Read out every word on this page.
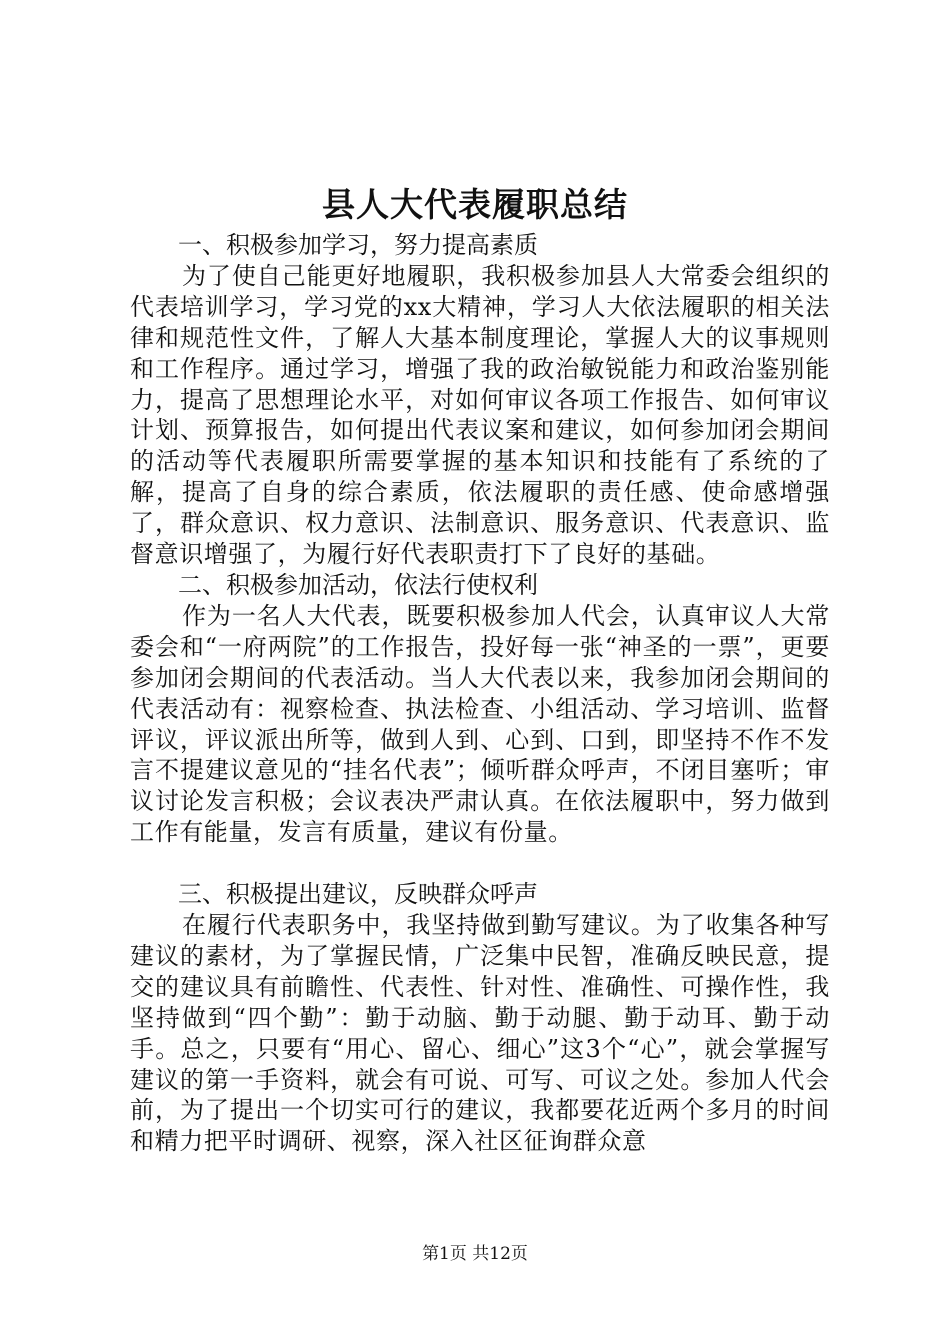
县人大代表履职总结

一、积极参加学习，努力提高素质

为了使自己能更好地履职，我积极参加县人大常委会组织的代表培训学习，学习党的xx大精神，学习人大依法履职的相关法律和规范性文件，了解人大基本制度理论，掌握人大的议事规则和工作程序。通过学习，增强了我的政治敏锐能力和政治鉴别能力，提高了思想理论水平，对如何审议各项工作报告、如何审议计划、预算报告，如何提出代表议案和建议，如何参加闭会期间的活动等代表履职所需要掌握的基本知识和技能有了系统的了解，提高了自身的综合素质，依法履职的责任感、使命感增强了，群众意识、权力意识、法制意识、服务意识、代表意识、监督意识增强了，为履行好代表职责打下了良好的基础。

二、积极参加活动，依法行使权利

作为一名人大代表，既要积极参加人代会，认真审议人大常委会和“一府两院”的工作报告，投好每一张“神圣的一票”，更要参加闭会期间的代表活动。当人大代表以来，我参加闭会期间的代表活动有：视察检查、执法检查、小组活动、学习培训、监督评议，评议派出所等，做到人到、心到、口到，即坚持不作不发言不提建议意见的“挂名代表”；倾听群众呼声，不闭目塞听；审议讨论发言积极；会议表决严肃认真。在依法履职中，努力做到工作有能量，发言有质量，建议有份量。

三、积极提出建议，反映群众呼声

在履行代表职务中，我坚持做到勤写建议。为了收集各种写建议的素材，为了掌握民情，广泛集中民智，准确反映民意，提交的建议具有前瞻性、代表性、针对性、准确性、可操作性，我坚持做到“四个勤”：勤于动脑、勤于动腿、勤于动耳、勤于动手。总之，只要有“用心、留心、细心”这3个“心”，就会掌握写建议的第一手资料，就会有可说、可写、可议之处。参加人代会前，为了提出一个切实可行的建议，我都要花近两个多月的时间和精力把平时调研、视察，深入社区征询群众意

第1页 共12页
